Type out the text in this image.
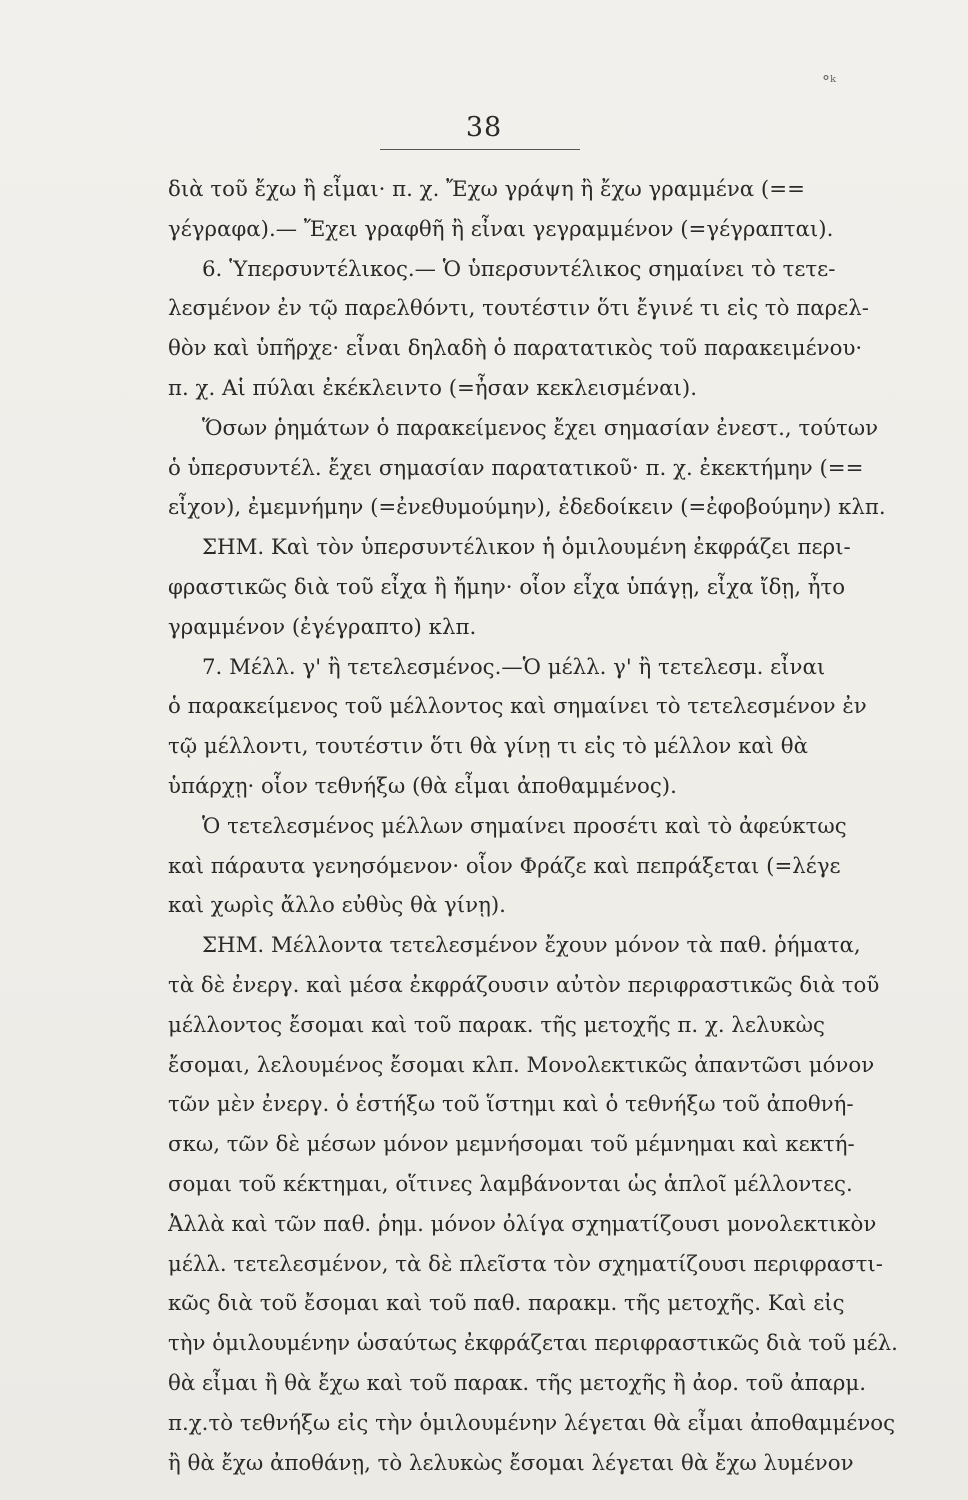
°ᵏ
38
διὰ τοῦ ἔχω ἢ εἶμαι· π. χ. Ἔχω γράψη ἢ ἔχω γραμμένα (==
γέγραφα).— Ἔχει γραφθῆ ἢ εἶναι γεγραμμένον (=γέγραπται).
6. Ὑπερσυντέλικος.— Ὁ ὑπερσυντέλικος σημαίνει τὸ τετε-
λεσμένον ἐν τῷ παρελθόντι, τουτέστιν ὅτι ἔγινέ τι εἰς τὸ παρελ-
θὸν καὶ ὑπῆρχε· εἶναι δηλαδὴ ὁ παρατατικὸς τοῦ παρακειμένου·
π. χ. Αἱ πύλαι ἐκέκλειντο (=ἦσαν κεκλεισμέναι).
Ὅσων ῥημάτων ὁ παρακείμενος ἔχει σημασίαν ἐνεστ., τούτων
ὁ ὑπερσυντέλ. ἔχει σημασίαν παρατατικοῦ· π. χ. ἐκεκτήμην (==
εἶχον), ἐμεμνήμην (=ἐνεθυμούμην), ἐδεδοίκειν (=ἐφοβούμην) κλπ.
ΣΗΜ. Καὶ τὸν ὑπερσυντέλικον ἡ ὁμιλουμένη ἐκφράζει περι-
φραστικῶς διὰ τοῦ εἶχα ἢ ἤμην· οἷον εἶχα ὑπάγῃ, εἶχα ἴδῃ, ἦτο
γραμμένον (ἐγέγραπτο) κλπ.
7. Μέλλ. γ' ἢ τετελεσμένος.—Ὁ μέλλ. γ' ἢ τετελεσμ. εἶναι
ὁ παρακείμενος τοῦ μέλλοντος καὶ σημαίνει τὸ τετελεσμένον ἐν
τῷ μέλλοντι, τουτέστιν ὅτι θὰ γίνῃ τι εἰς τὸ μέλλον καὶ θὰ
ὑπάρχῃ· οἷον τεθνήξω (θὰ εἶμαι ἀποθαμμένος).
Ὁ τετελεσμένος μέλλων σημαίνει προσέτι καὶ τὸ ἀφεύκτως
καὶ πάραυτα γενησόμενον· οἷον Φράζε καὶ πεπράξεται (=λέγε
καὶ χωρὶς ἄλλο εὐθὺς θὰ γίνῃ).
ΣΗΜ. Μέλλοντα τετελεσμένον ἔχουν μόνον τὰ παθ. ῥήματα,
τὰ δὲ ἐνεργ. καὶ μέσα ἐκφράζουσιν αὐτὸν περιφραστικῶς διὰ τοῦ
μέλλοντος ἔσομαι καὶ τοῦ παρακ. τῆς μετοχῆς π. χ. λελυκὼς
ἔσομαι, λελουμένος ἔσομαι κλπ. Μονολεκτικῶς ἀπαντῶσι μόνον
τῶν μὲν ἐνεργ. ὁ ἑστήξω τοῦ ἵστημι καὶ ὁ τεθνήξω τοῦ ἀποθνή-
σκω, τῶν δὲ μέσων μόνον μεμνήσομαι τοῦ μέμνημαι καὶ κεκτή-
σομαι τοῦ κέκτημαι, οἵτινες λαμβάνονται ὡς ἁπλοῖ μέλλοντες.
Ἀλλὰ καὶ τῶν παθ. ῥημ. μόνον ὀλίγα σχηματίζουσι μονολεκτικὸν
μέλλ. τετελεσμένον, τὰ δὲ πλεῖστα τὸν σχηματίζουσι περιφραστι-
κῶς διὰ τοῦ ἔσομαι καὶ τοῦ παθ. παρακμ. τῆς μετοχῆς. Καὶ εἰς
τὴν ὁμιλουμένην ὡσαύτως ἐκφράζεται περιφραστικῶς διὰ τοῦ μέλ.
θὰ εἶμαι ἢ θὰ ἔχω καὶ τοῦ παρακ. τῆς μετοχῆς ἢ ἀορ. τοῦ ἀπαρμ.
π.χ.τὸ τεθνήξω εἰς τὴν ὁμιλουμένην λέγεται θὰ εἶμαι ἀποθαμμένος
ἢ θὰ ἔχω ἀποθάνῃ, τὸ λελυκὼς ἔσομαι λέγεται θὰ ἔχω λυμένον
